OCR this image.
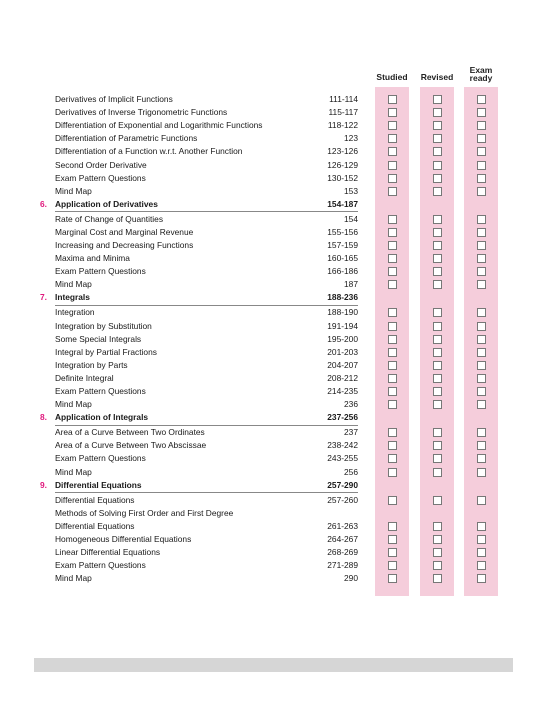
Studied	Revised
Exam ready
Derivatives of Implicit Functions	111-114
Derivatives of Inverse Trigonometric Functions	115-117
Differentiation of Exponential and Logarithmic Functions	118-122
Differentiation of Parametric Functions	123
Differentiation of a Function w.r.t. Another Function	123-126
Second Order Derivative	126-129
Exam Pattern Questions	130-152
Mind Map	153
6. Application of Derivatives	154-187
Rate of Change of Quantities	154
Marginal Cost and Marginal Revenue	155-156
Increasing and Decreasing Functions	157-159
Maxima and Minima	160-165
Exam Pattern Questions	166-186
Mind Map	187
7. Integrals	188-236
Integration	188-190
Integration by Substitution	191-194
Some Special Integrals	195-200
Integral by Partial Fractions	201-203
Integration by Parts	204-207
Definite Integral	208-212
Exam Pattern Questions	214-235
Mind Map	236
8. Application of Integrals	237-256
Area of a Curve Between Two Ordinates	237
Area of a Curve Between Two Abscissae	238-242
Exam Pattern Questions	243-255
Mind Map	256
9. Differential Equations	257-290
Differential Equations	257-260
Methods of Solving First Order and First Degree
Differential Equations	261-263
Homogeneous Differential Equations	264-267
Linear Differential Equations	268-269
Exam Pattern Questions	271-289
Mind Map	290
